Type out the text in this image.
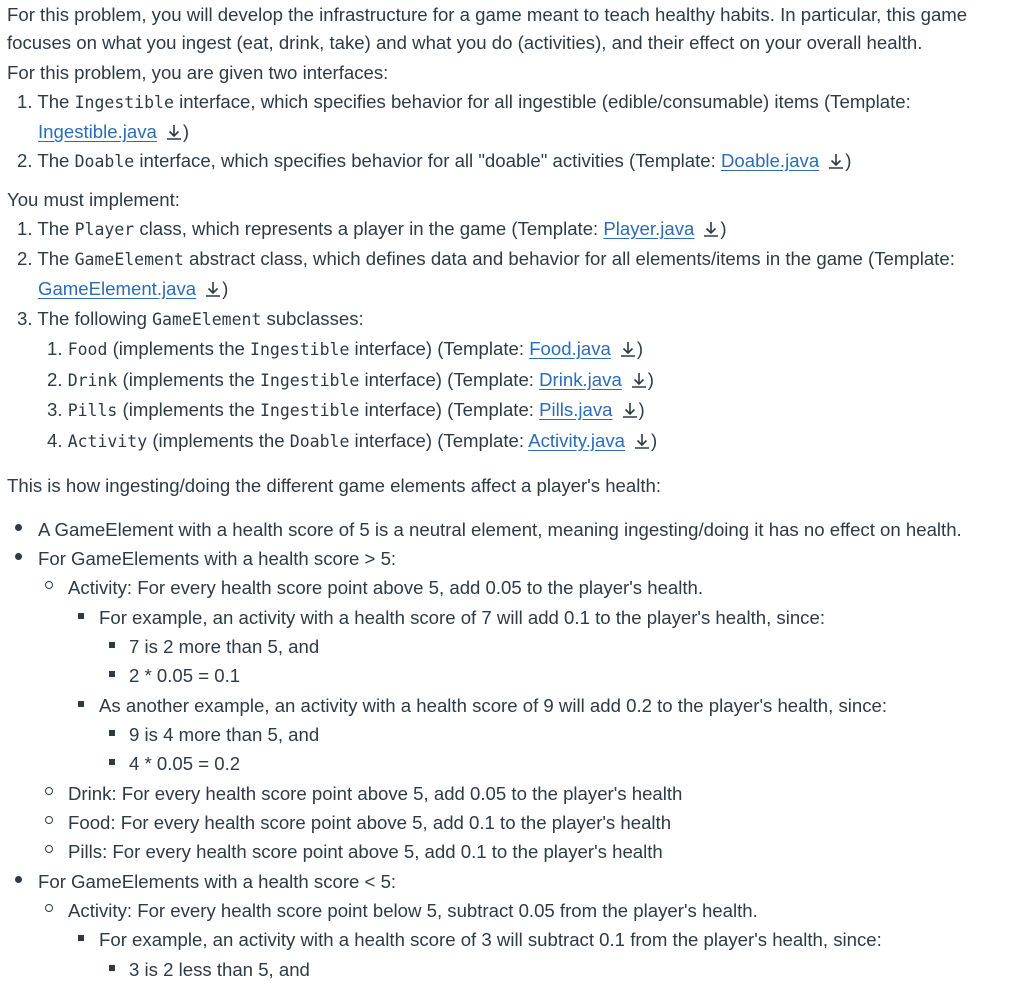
For this problem, you will develop the infrastructure for a game meant to teach healthy habits. In particular, this game
focuses on what you ingest (eat, drink, take) and what you do (activities), and their effect on your overall health.
For this problem, you are given two interfaces:
1. The Ingestible interface, which specifies behavior for all ingestible (edible/consumable) items (Template:
Ingestible.java )
2. The Doable interface, which specifies behavior for all "doable" activities (Template: Doable.java )
You must implement:
1. The Player class, which represents a player in the game (Template: Player.java )
2. The GameElement abstract class, which defines data and behavior for all elements/items in the game (Template:
GameElement.java )
3. The following GameElement subclasses:
1. Food (implements the Ingestible interface) (Template: Food.java )
2. Drink (implements the Ingestible interface) (Template: Drink.java )
3. Pills (implements the Ingestible interface) (Template: Pills.java )
4. Activity (implements the Doable interface) (Template: Activity.java )
This is how ingesting/doing the different game elements affect a player's health:
A GameElement with a health score of 5 is a neutral element, meaning ingesting/doing it has no effect on health.
For GameElements with a health score > 5:
Activity: For every health score point above 5, add 0.05 to the player's health.
For example, an activity with a health score of 7 will add 0.1 to the player's health, since:
7 is 2 more than 5, and
2 * 0.05 = 0.1
As another example, an activity with a health score of 9 will add 0.2 to the player's health, since:
9 is 4 more than 5, and
4 * 0.05 = 0.2
Drink: For every health score point above 5, add 0.05 to the player's health
Food: For every health score point above 5, add 0.1 to the player's health
Pills: For every health score point above 5, add 0.1 to the player's health
For GameElements with a health score < 5:
Activity: For every health score point below 5, subtract 0.05 from the player's health.
For example, an activity with a health score of 3 will subtract 0.1 from the player's health, since:
3 is 2 less than 5, and
